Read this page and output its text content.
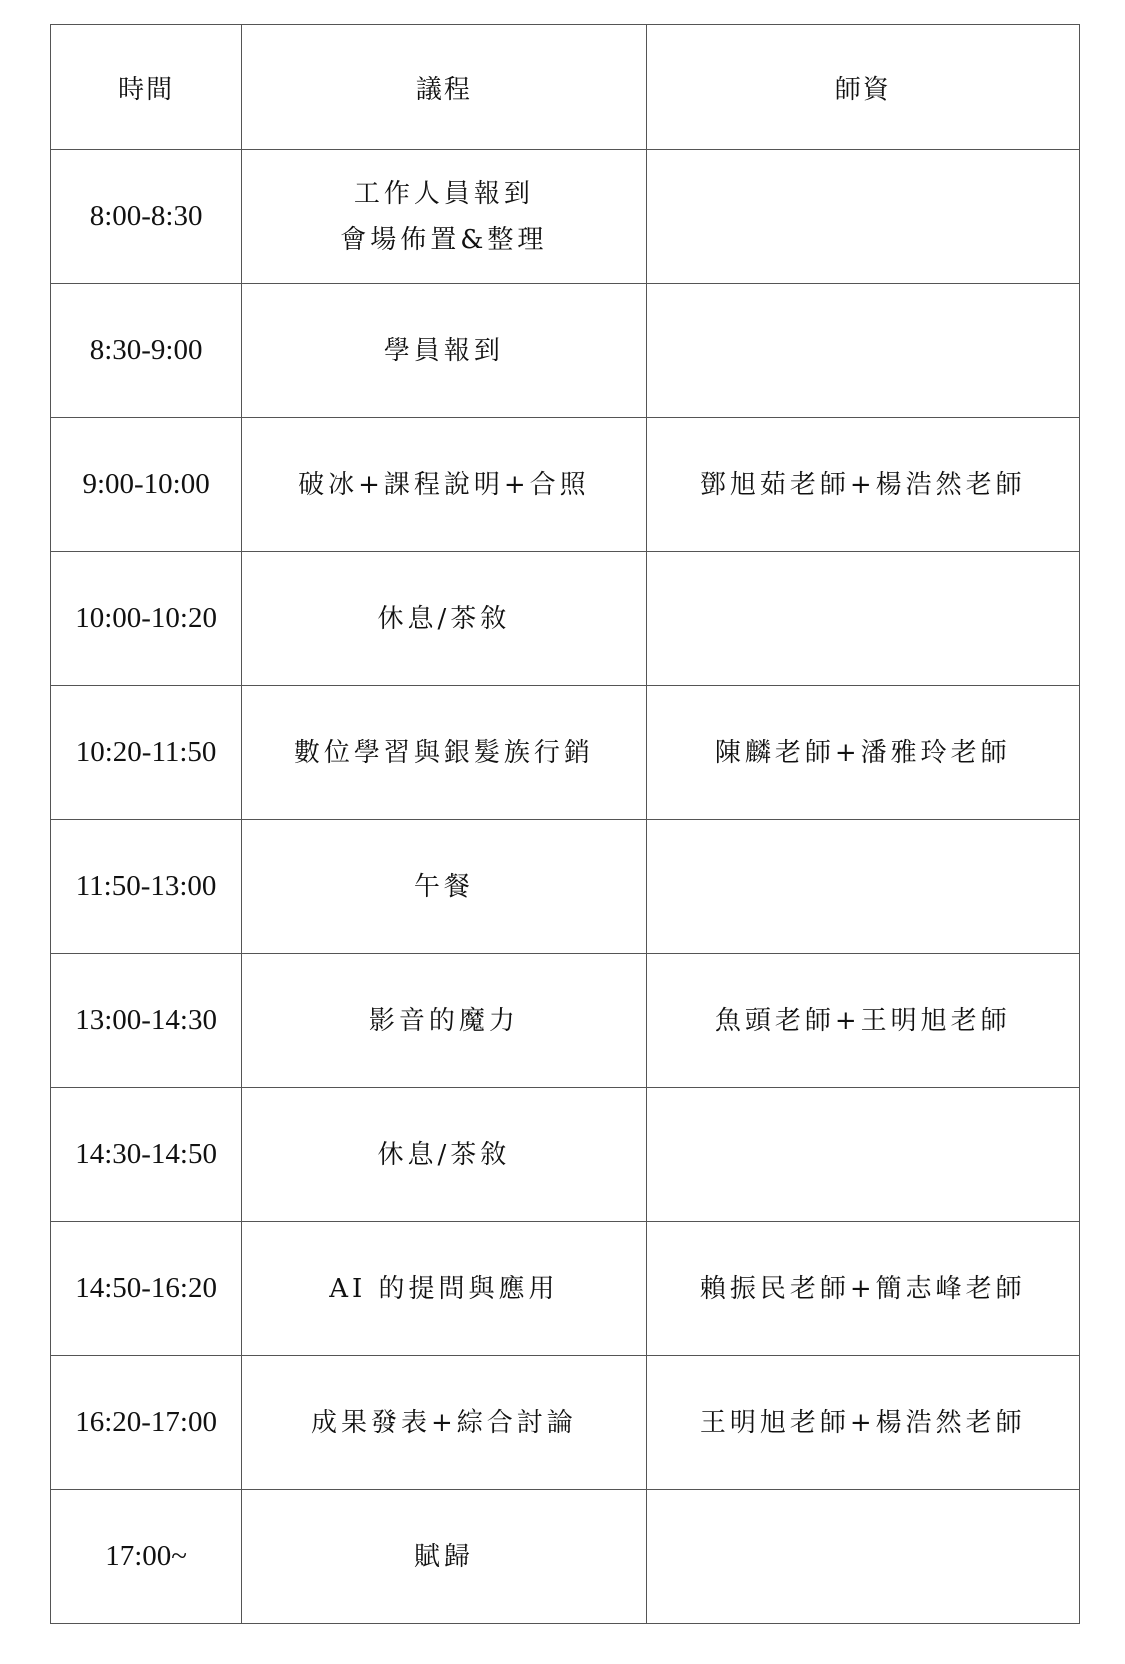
時間	議程	師資
8:00-8:30	工作人員報到
會場佈置&整理	

8:30-9:00	學員報到	

9:00-10:00	破冰+課程說明+合照	鄧旭茹老師+楊浩然老師
10:00-10:20	休息/茶敘	

10:20-11:50	數位學習與銀髮族行銷	陳麟老師+潘雅玲老師
11:50-13:00	午餐	

13:00-14:30	影音的魔力	魚頭老師+王明旭老師
14:30-14:50	休息/茶敘	

14:50-16:20	AI 的提問與應用	賴振民老師+簡志峰老師
16:20-17:00	成果發表+綜合討論	王明旭老師+楊浩然老師
17:00~	賦歸	
